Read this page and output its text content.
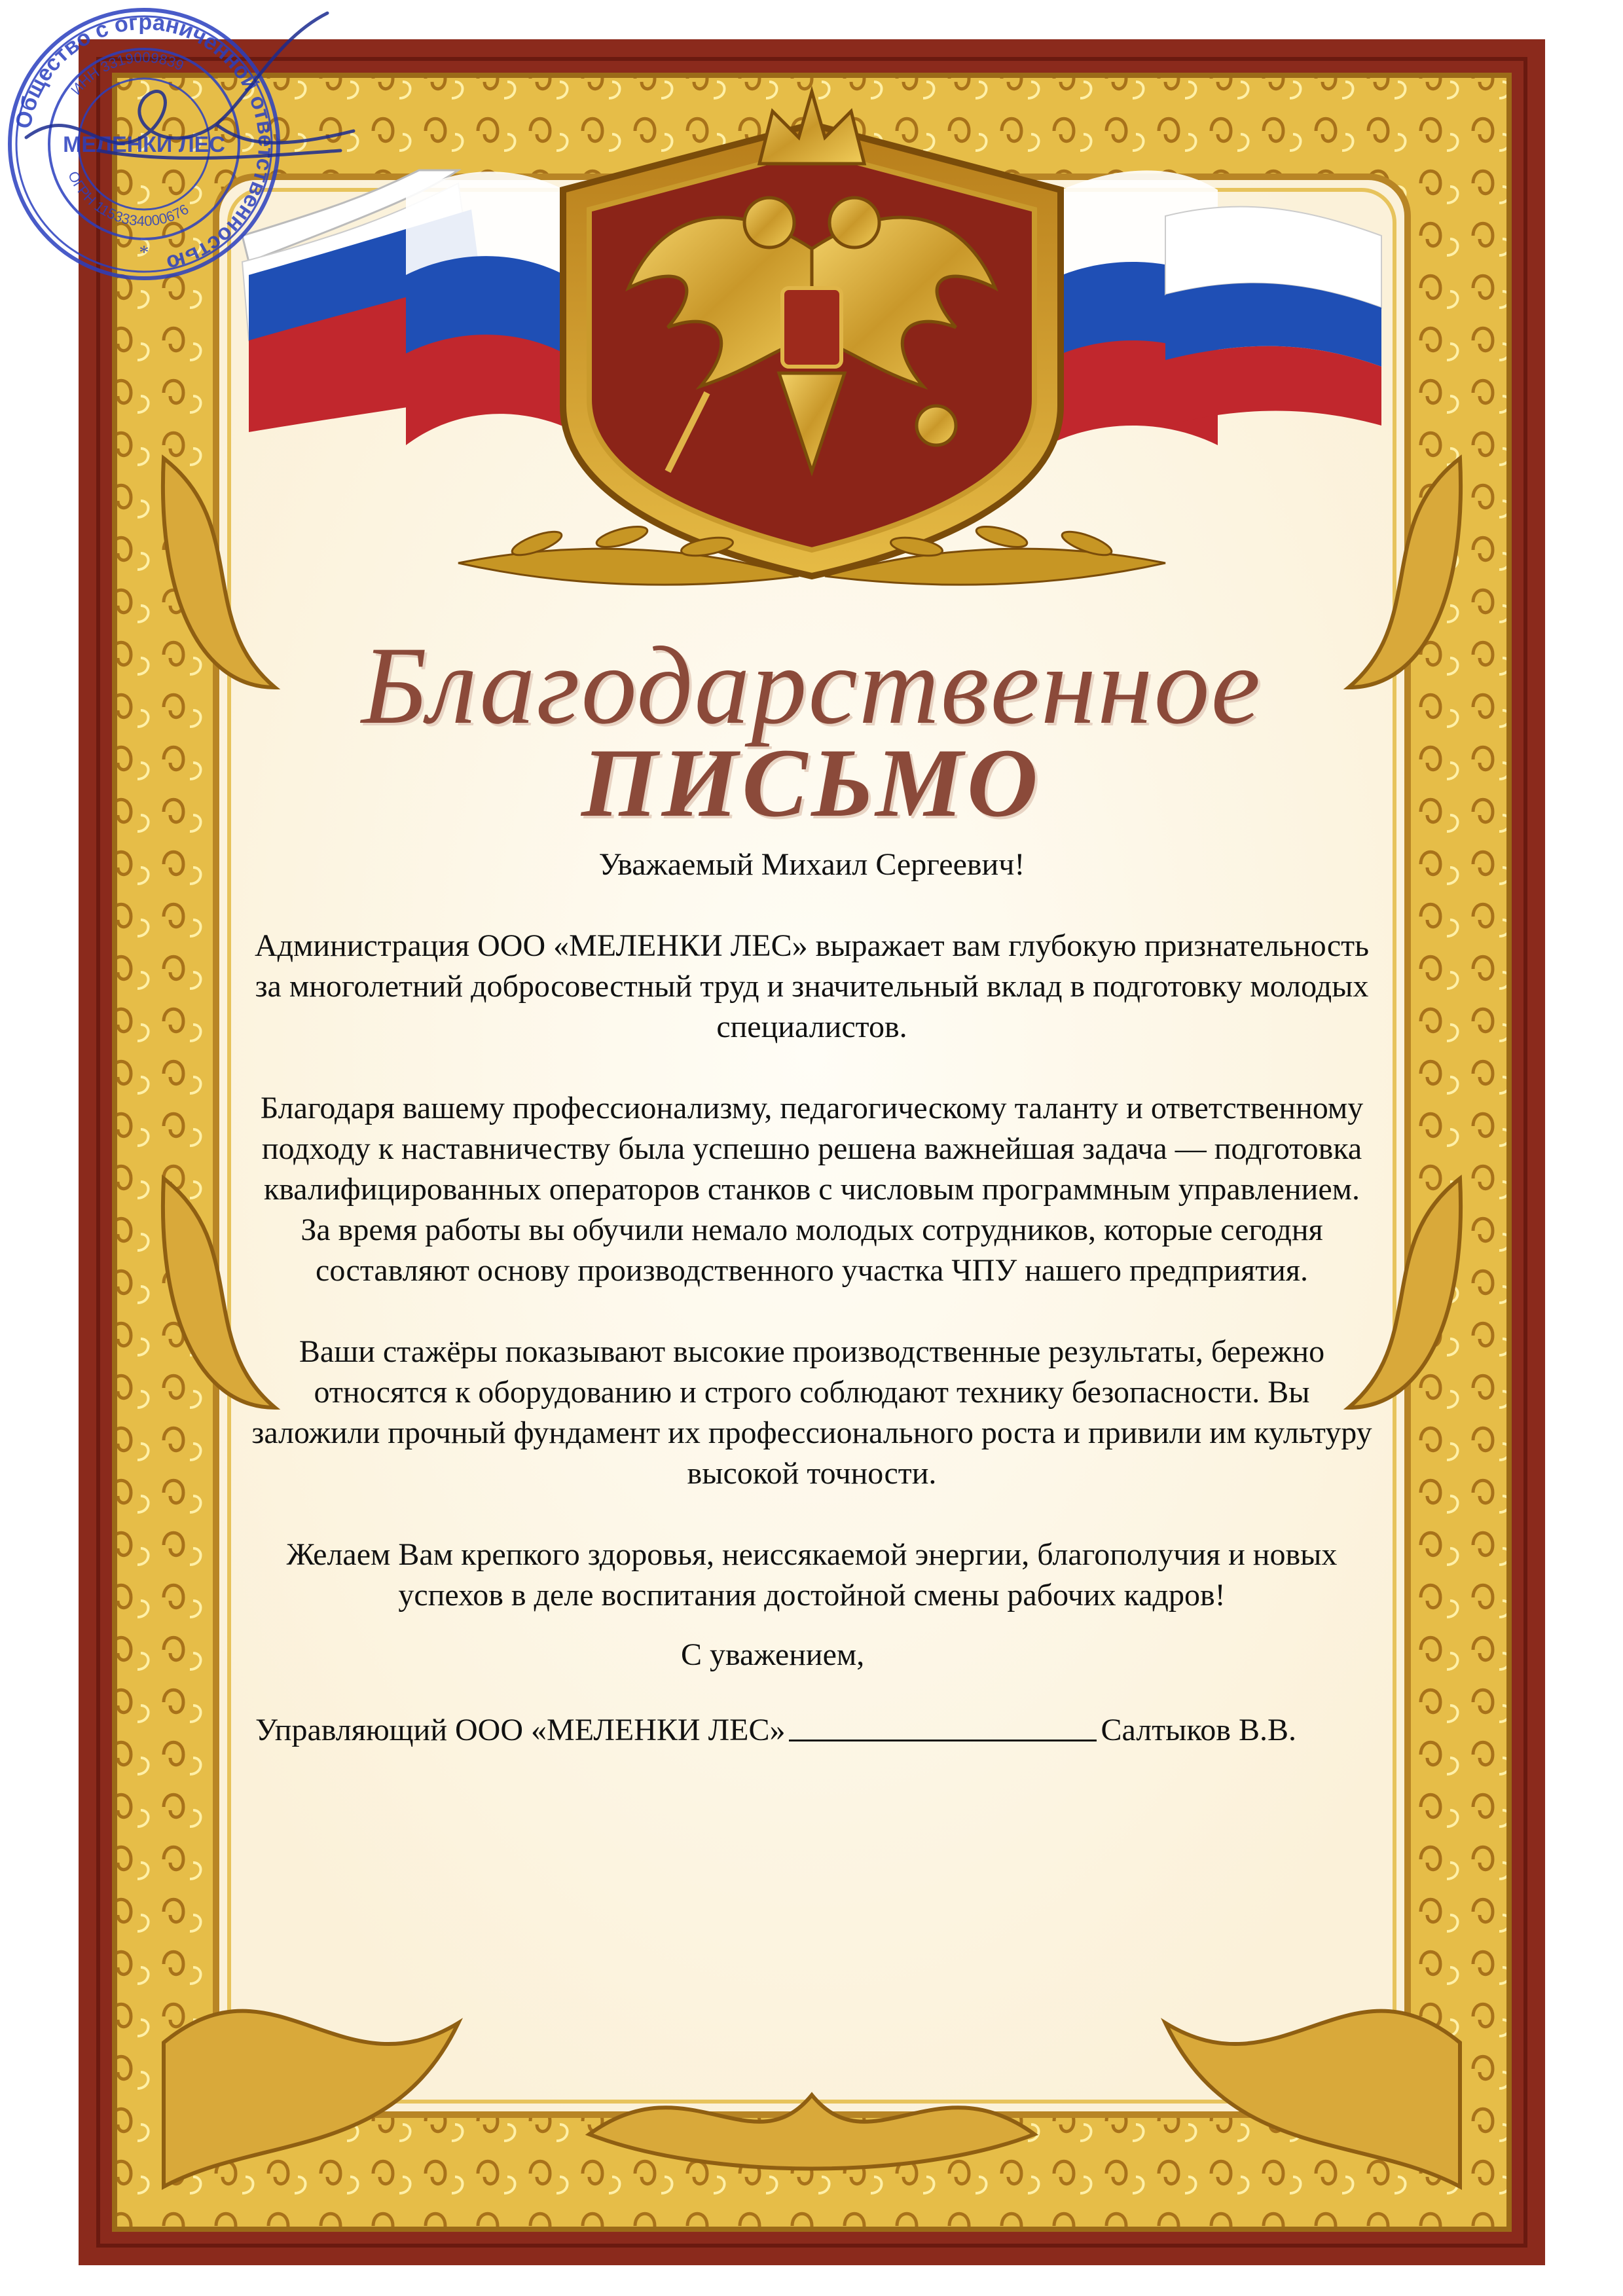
Благодарственное
ПИСЬМО

Уважаемый Михаил Сергеевич!

Администрация ООО «МЕЛЕНКИ ЛЕС» выражает вам глубокую признательность за многолетний добросовестный труд и значительный вклад в подготовку молодых специалистов.

Благодаря вашему профессионализму, педагогическому таланту и ответственному подходу к наставничеству была успешно решена важнейшая задача — подготовка квалифицированных операторов станков с числовым программным управлением. За время работы вы обучили немало молодых сотрудников, которые сегодня составляют основу производственного участка ЧПУ нашего предприятия.

Ваши стажёры показывают высокие производственные результаты, бережно относятся к оборудованию и строго соблюдают технику безопасности. Вы заложили прочный фундамент их профессионального роста и привили им культуру высокой точности.

Желаем Вам крепкого здоровья, неиссякаемой энергии, благополучия и новых успехов в деле воспитания достойной смены рабочих кадров!

С уважением,
Управляющий ООО «МЕЛЕНКИ ЛЕС»	Салтыков В.В.
Общество с ограниченной ответственностью
ИНН 3319009839
ОГРН 1153334000676
МЕЛЕНКИ ЛЕС
*
